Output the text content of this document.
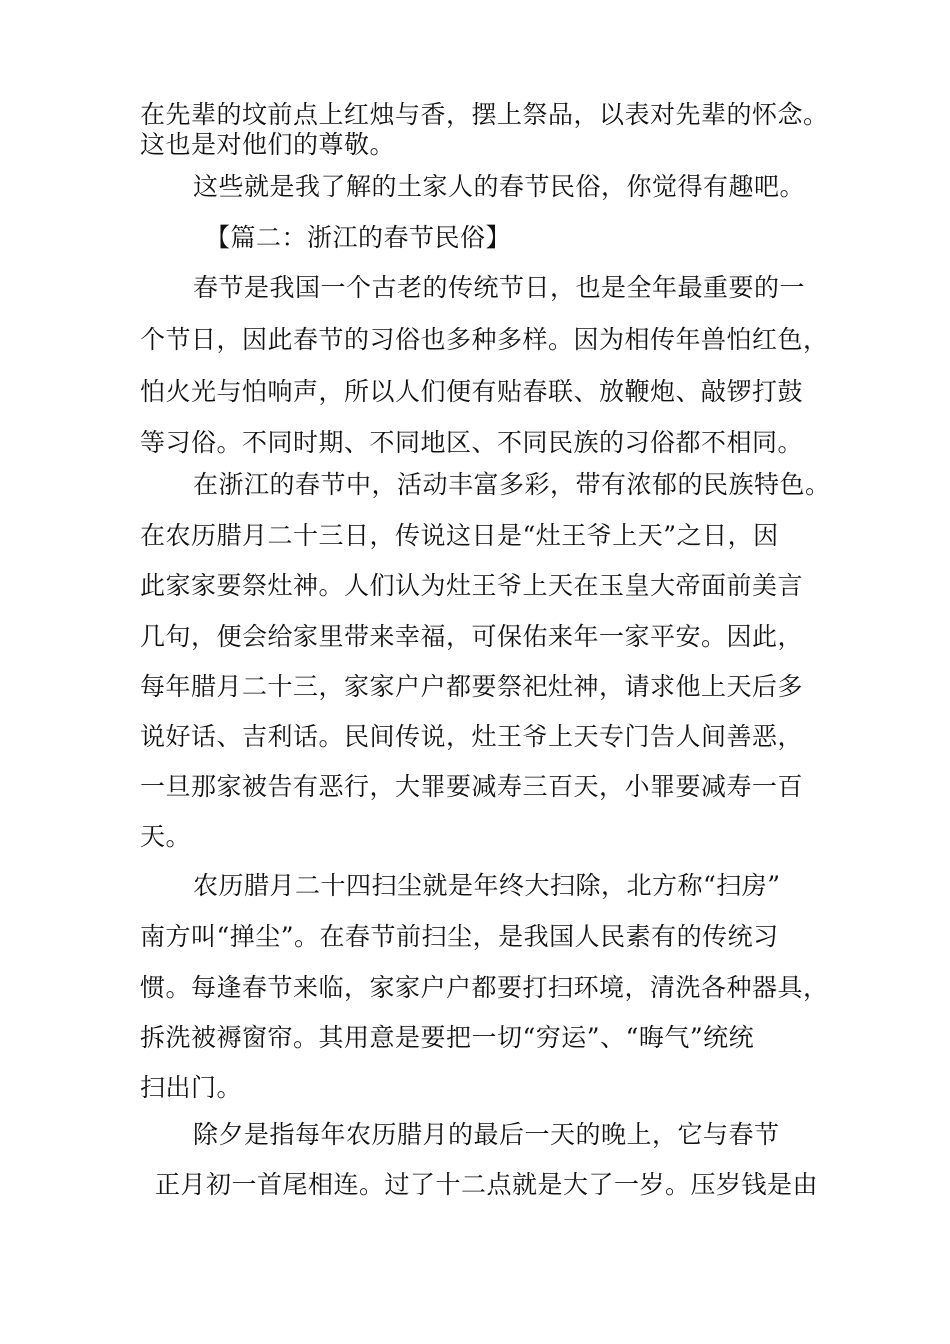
在先辈的坟前点上红烛与香，摆上祭品，以表对先辈的怀念。
这也是对他们的尊敬。
这些就是我了解的土家人的春节民俗，你觉得有趣吧。
【篇二：浙江的春节民俗】
春节是我国一个古老的传统节日，也是全年最重要的一
个节日，因此春节的习俗也多种多样。因为相传年兽怕红色，
怕火光与怕响声，所以人们便有贴春联、放鞭炮、敲锣打鼓
等习俗。不同时期、不同地区、不同民族的习俗都不相同。
在浙江的春节中，活动丰富多彩，带有浓郁的民族特色。
在农历腊月二十三日，传说这日是“灶王爷上天”之日，因
此家家要祭灶神。人们认为灶王爷上天在玉皇大帝面前美言
几句，便会给家里带来幸福，可保佑来年一家平安。因此，
每年腊月二十三，家家户户都要祭祀灶神，请求他上天后多
说好话、吉利话。民间传说，灶王爷上天专门告人间善恶，
一旦那家被告有恶行，大罪要减寿三百天，小罪要减寿一百
天。
农历腊月二十四扫尘就是年终大扫除，北方称“扫房”
南方叫“掸尘”。在春节前扫尘，是我国人民素有的传统习
惯。每逢春节来临，家家户户都要打扫环境，清洗各种器具，
拆洗被褥窗帘。其用意是要把一切“穷运”、“晦气”统统
扫出门。
除夕是指每年农历腊月的最后一天的晚上，它与春节
正月初一首尾相连。过了十二点就是大了一岁。压岁钱是由
